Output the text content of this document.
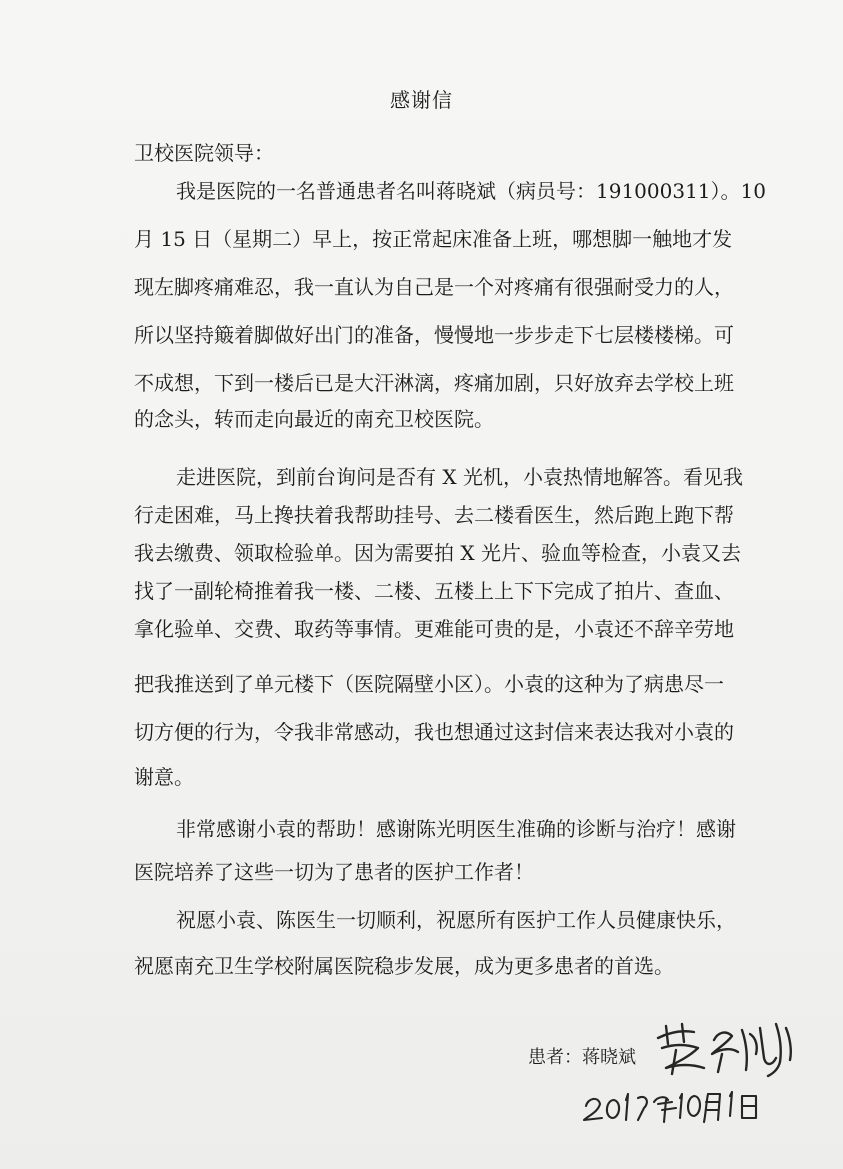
感谢信
卫校医院领导：
我是医院的一名普通患者名叫蒋晓斌（病员号：191000311）。10
月 15 日（星期二）早上，按正常起床准备上班，哪想脚一触地才发
现左脚疼痛难忍，我一直认为自己是一个对疼痛有很强耐受力的人，
所以坚持簸着脚做好出门的准备，慢慢地一步步走下七层楼楼梯。可
不成想，下到一楼后已是大汗淋漓，疼痛加剧，只好放弃去学校上班
的念头，转而走向最近的南充卫校医院。
走进医院，到前台询问是否有 X 光机，小袁热情地解答。看见我
行走困难，马上搀扶着我帮助挂号、去二楼看医生，然后跑上跑下帮
我去缴费、领取检验单。因为需要拍 X 光片、验血等检查，小袁又去
找了一副轮椅推着我一楼、二楼、五楼上上下下完成了拍片、查血、
拿化验单、交费、取药等事情。更难能可贵的是，小袁还不辞辛劳地
把我推送到了单元楼下（医院隔壁小区）。小袁的这种为了病患尽一
切方便的行为，令我非常感动，我也想通过这封信来表达我对小袁的
谢意。
非常感谢小袁的帮助！感谢陈光明医生准确的诊断与治疗！感谢
医院培养了这些一切为了患者的医护工作者！
祝愿小袁、陈医生一切顺利，祝愿所有医护工作人员健康快乐，
祝愿南充卫生学校附属医院稳步发展，成为更多患者的首选。
患者：蒋晓斌
